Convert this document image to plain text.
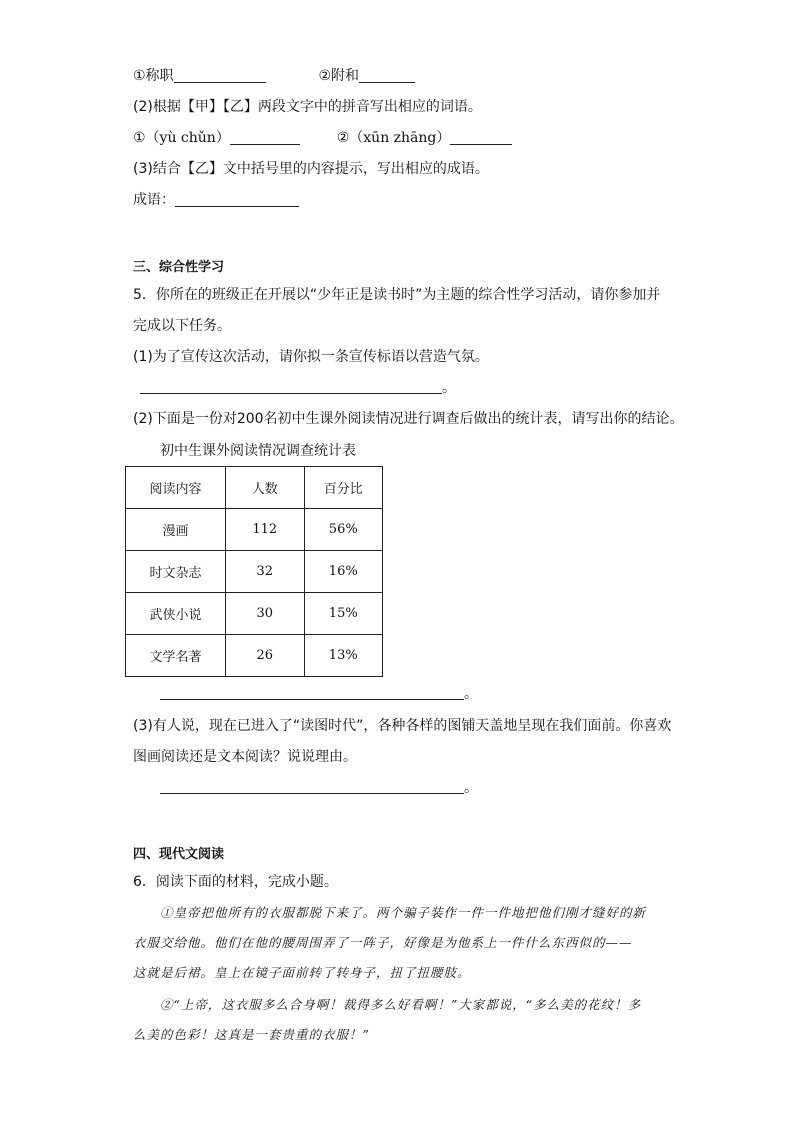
①称职	②附和
(2)根据【甲】【乙】两段文字中的拼音写出相应的词语。
①（yù chǔn）	②（xūn zhāng）
(3)结合【乙】文中括号里的内容提示，写出相应的成语。
成语：
三、综合性学习
5．你所在的班级正在开展以“少年正是读书时”为主题的综合性学习活动，请你参加并
完成以下任务。
(1)为了宣传这次活动，请你拟一条宣传标语以营造气氛。
。
(2)下面是一份对200名初中生课外阅读情况进行调查后做出的统计表，请写出你的结论。
初中生课外阅读情况调查统计表
阅读内容	人数	百分比
漫画	112	56%
时文杂志	32	16%
武侠小说	30	15%
文学名著	26	13%
。
(3)有人说，现在已进入了“读图时代”，各种各样的图铺天盖地呈现在我们面前。你喜欢
图画阅读还是文本阅读？说说理由。
。
四、现代文阅读
6．阅读下面的材料，完成小题。
①皇帝把他所有的衣服都脱下来了。两个骗子装作一件一件地把他们刚才缝好的新
衣服交给他。他们在他的腰周围弄了一阵子，好像是为他系上一件什么东西似的——
这就是后裙。皇上在镜子面前转了转身子，扭了扭腰肢。
②“上帝，这衣服多么合身啊！裁得多么好看啊！”大家都说，“多么美的花纹！多
么美的色彩！这真是一套贵重的衣服！”
